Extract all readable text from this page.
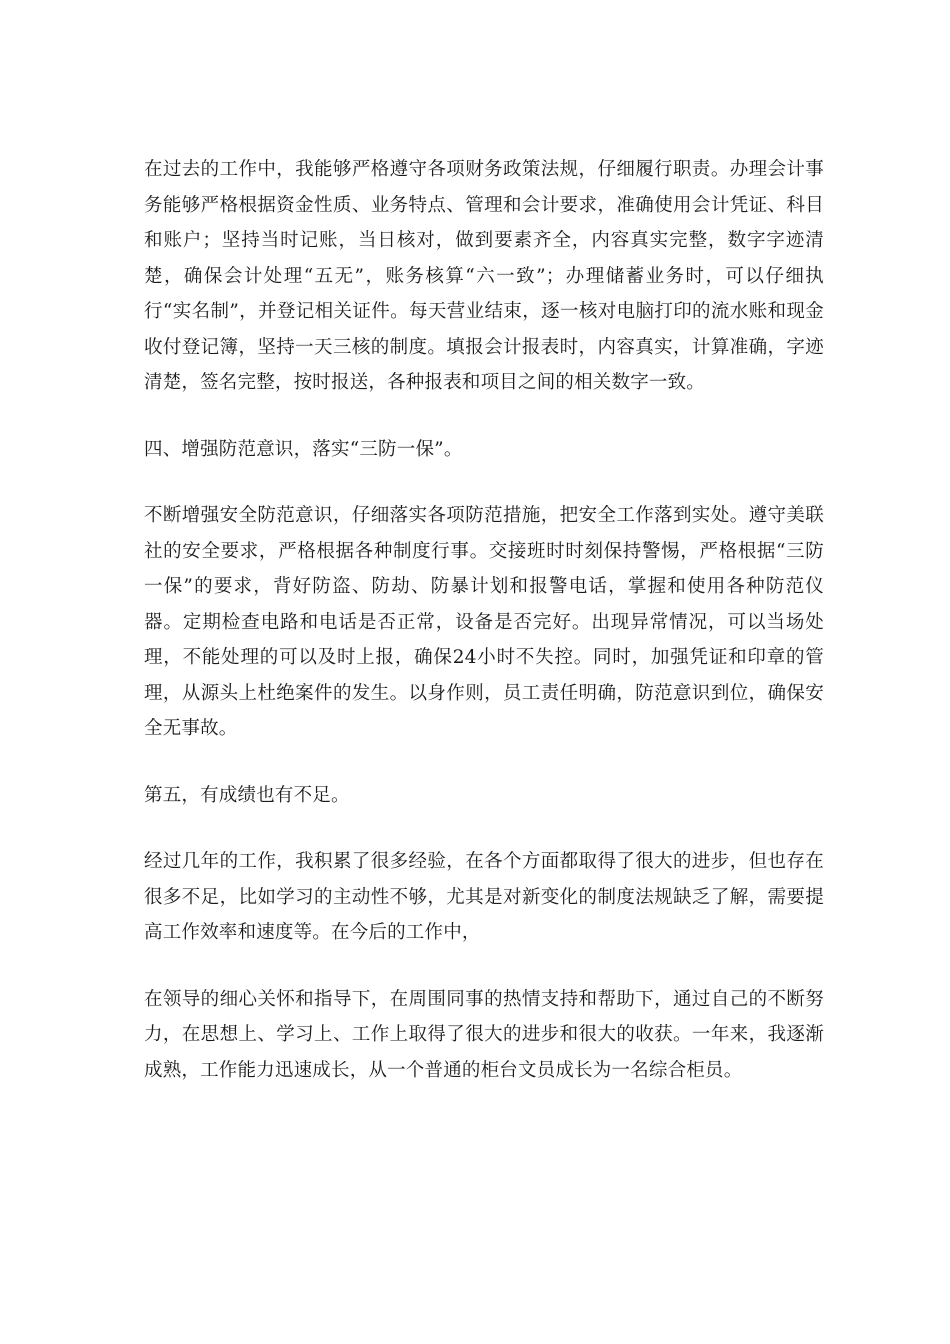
在过去的工作中，我能够严格遵守各项财务政策法规，仔细履行职责。办理会计事务能够严格根据资金性质、业务特点、管理和会计要求，准确使用会计凭证、科目和账户；坚持当时记账，当日核对，做到要素齐全，内容真实完整，数字字迹清楚，确保会计处理“五无”，账务核算“六一致”；办理储蓄业务时，可以仔细执行“实名制”，并登记相关证件。每天营业结束，逐一核对电脑打印的流水账和现金收付登记簿，坚持一天三核的制度。填报会计报表时，内容真实，计算准确，字迹清楚，签名完整，按时报送，各种报表和项目之间的相关数字一致。

四、增强防范意识，落实“三防一保”。

不断增强安全防范意识，仔细落实各项防范措施，把安全工作落到实处。遵守美联社的安全要求，严格根据各种制度行事。交接班时时刻保持警惕，严格根据“三防一保”的要求，背好防盗、防劫、防暴计划和报警电话，掌握和使用各种防范仪器。定期检查电路和电话是否正常，设备是否完好。出现异常情况，可以当场处理，不能处理的可以及时上报，确保24小时不失控。同时，加强凭证和印章的管理，从源头上杜绝案件的发生。以身作则，员工责任明确，防范意识到位，确保安全无事故。

第五，有成绩也有不足。

经过几年的工作，我积累了很多经验，在各个方面都取得了很大的进步，但也存在很多不足，比如学习的主动性不够，尤其是对新变化的制度法规缺乏了解，需要提高工作效率和速度等。在今后的工作中，

在领导的细心关怀和指导下，在周围同事的热情支持和帮助下，通过自己的不断努力，在思想上、学习上、工作上取得了很大的进步和很大的收获。一年来，我逐渐成熟，工作能力迅速成长，从一个普通的柜台文员成长为一名综合柜员。
